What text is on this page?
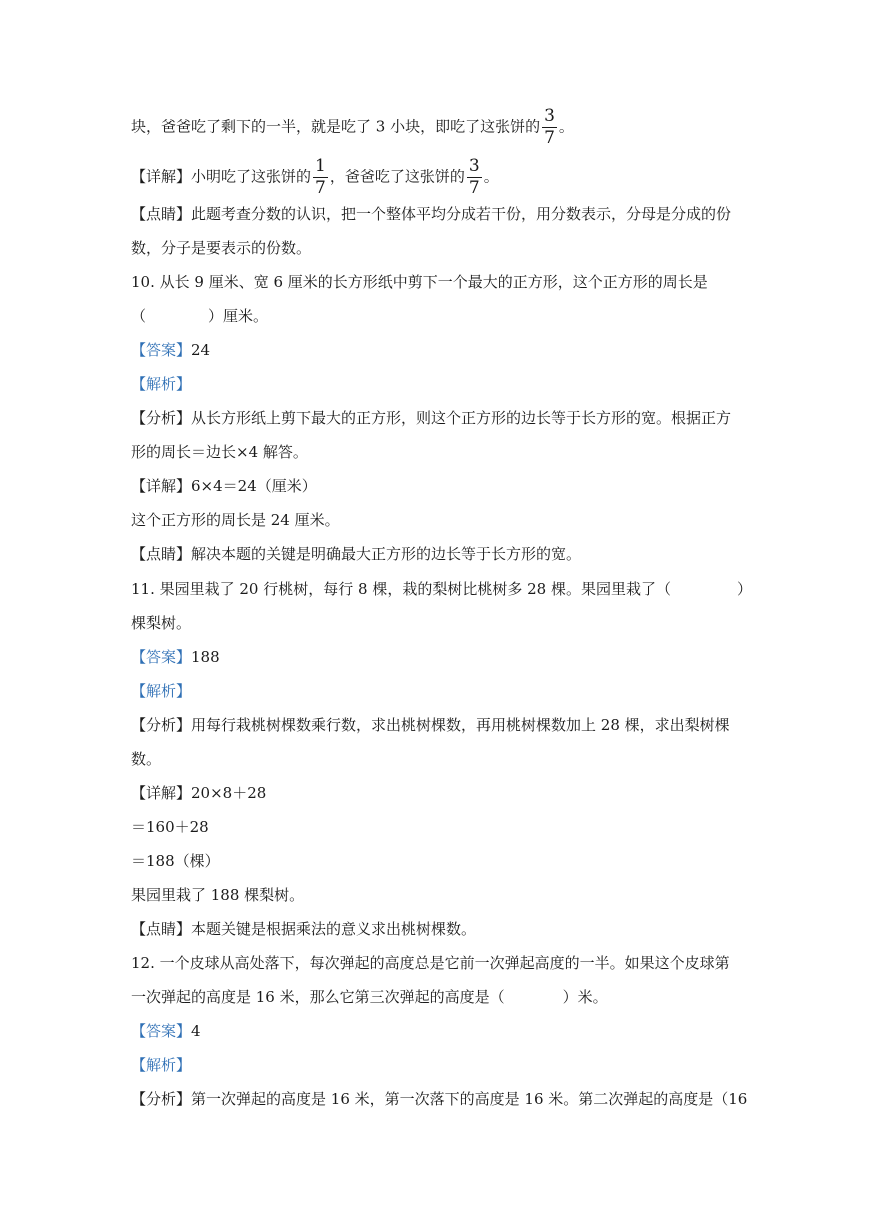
块，爸爸吃了剩下的一半，就是吃了 3 小块，即吃了这张饼的 $\frac{3}{7}$ 。
【详解】小明吃了这张饼的 $\frac{1}{7}$ ，爸爸吃了这张饼的 $\frac{3}{7}$ 。
【点睛】此题考查分数的认识，把一个整体平均分成若干份，用分数表示，分母是分成的份
数，分子是要表示的份数。
10. 从长 9 厘米、宽 6 厘米的长方形纸中剪下一个最大的正方形，这个正方形的周长是
（	）厘米。
【答案】24
【解析】
【分析】从长方形纸上剪下最大的正方形，则这个正方形的边长等于长方形的宽。根据正方
形的周长＝边长×4 解答。
【详解】6×4＝24（厘米）
这个正方形的周长是 24 厘米。
【点睛】解决本题的关键是明确最大正方形的边长等于长方形的宽。
11. 果园里栽了 20 行桃树，每行 8 棵，栽的梨树比桃树多 28 棵。果园里栽了（	）
棵梨树。
【答案】188
【解析】
【分析】用每行栽桃树棵数乘行数，求出桃树棵数，再用桃树棵数加上 28 棵，求出梨树棵
数。
【详解】20×8＋28
＝160＋28
＝188（棵）
果园里栽了 188 棵梨树。
【点睛】本题关键是根据乘法的意义求出桃树棵数。
12. 一个皮球从高处落下，每次弹起的高度总是它前一次弹起高度的一半。如果这个皮球第
一次弹起的高度是 16 米，那么它第三次弹起的高度是（	）米。
【答案】4
【解析】
【分析】第一次弹起的高度是 16 米，第一次落下的高度是 16 米。第二次弹起的高度是（16
